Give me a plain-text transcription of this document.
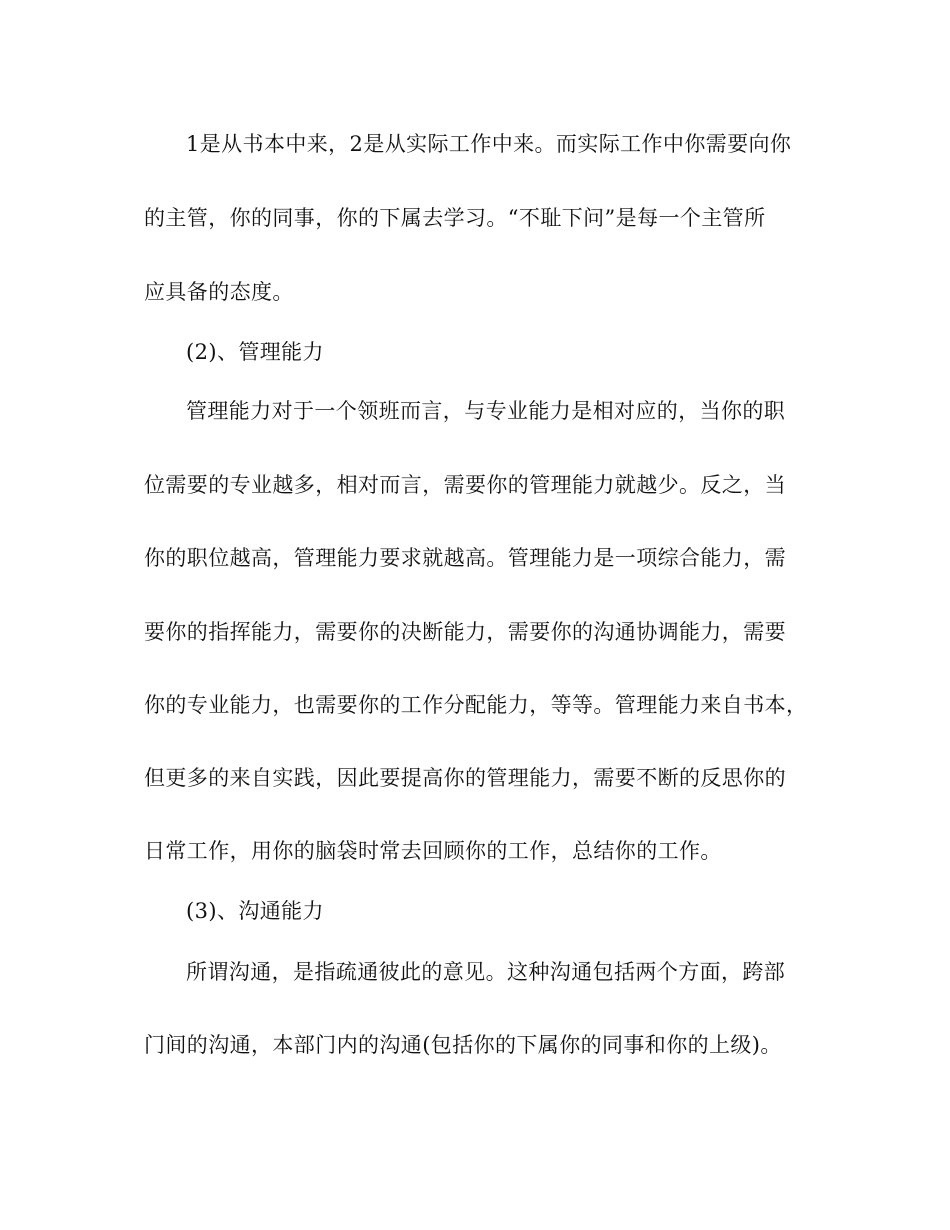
1是从书本中来，2是从实际工作中来。而实际工作中你需要向你
的主管，你的同事，你的下属去学习。“不耻下问”是每一个主管所
应具备的态度。
(2)、管理能力
管理能力对于一个领班而言，与专业能力是相对应的，当你的职
位需要的专业越多，相对而言，需要你的管理能力就越少。反之，当
你的职位越高，管理能力要求就越高。管理能力是一项综合能力，需
要你的指挥能力，需要你的决断能力，需要你的沟通协调能力，需要
你的专业能力，也需要你的工作分配能力，等等。管理能力来自书本，
但更多的来自实践，因此要提高你的管理能力，需要不断的反思你的
日常工作，用你的脑袋时常去回顾你的工作，总结你的工作。
(3)、沟通能力
所谓沟通，是指疏通彼此的意见。这种沟通包括两个方面，跨部
门间的沟通，本部门内的沟通(包括你的下属你的同事和你的上级)。
